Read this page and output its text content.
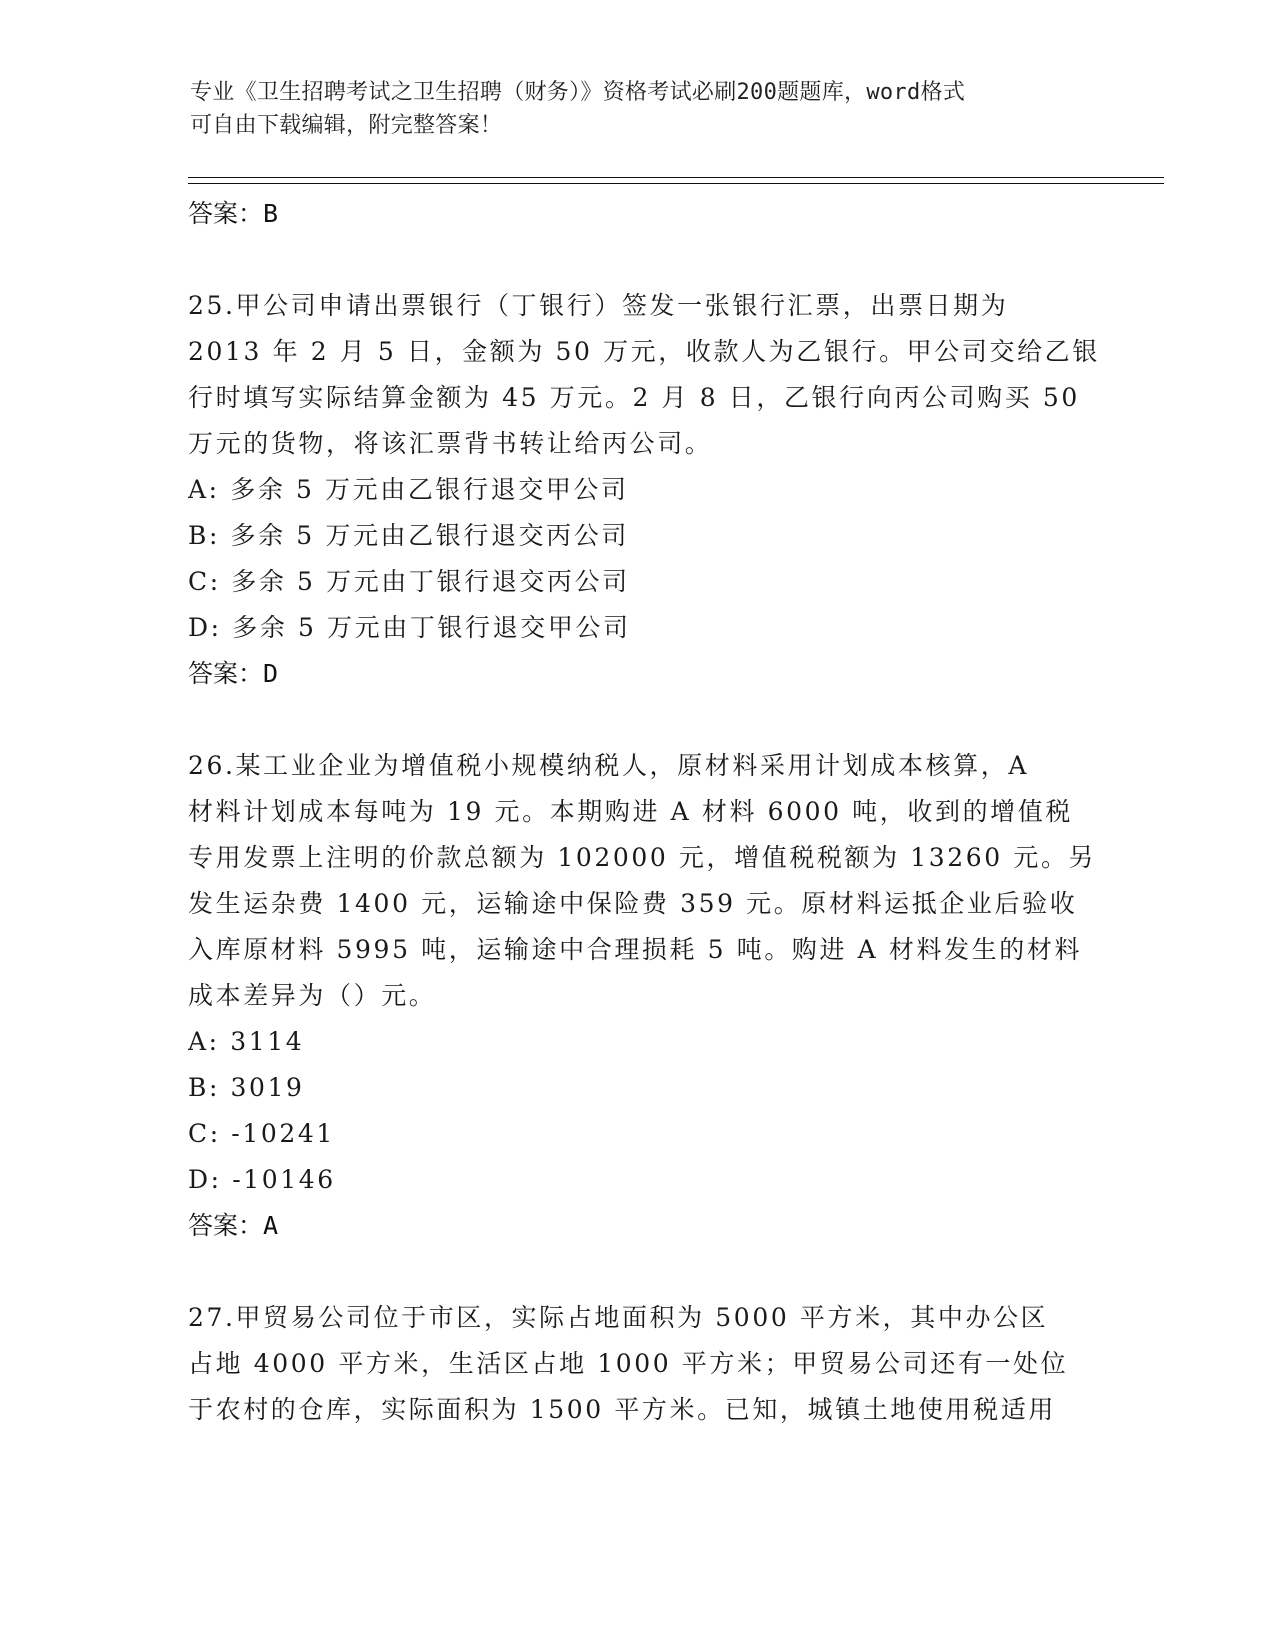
专业《卫生招聘考试之卫生招聘（财务）》资格考试必刷200题题库，word格式
可自由下载编辑，附完整答案！
答案：B
25.甲公司申请出票银行（丁银行）签发一张银行汇票，出票日期为
2013 年 2 月 5 日，金额为 50 万元，收款人为乙银行。甲公司交给乙银
行时填写实际结算金额为 45 万元。2 月 8 日，乙银行向丙公司购买 50
万元的货物，将该汇票背书转让给丙公司。
A: 多余 5 万元由乙银行退交甲公司
B: 多余 5 万元由乙银行退交丙公司
C: 多余 5 万元由丁银行退交丙公司
D: 多余 5 万元由丁银行退交甲公司
答案：D
26.某工业企业为增值税小规模纳税人，原材料采用计划成本核算，A
材料计划成本每吨为 19 元。本期购进 A 材料 6000 吨，收到的增值税
专用发票上注明的价款总额为 102000 元，增值税税额为 13260 元。另
发生运杂费 1400 元，运输途中保险费 359 元。原材料运抵企业后验收
入库原材料 5995 吨，运输途中合理损耗 5 吨。购进 A 材料发生的材料
成本差异为（）元。
A: 3114
B: 3019
C: -10241
D: -10146
答案：A
27.甲贸易公司位于市区，实际占地面积为 5000 平方米，其中办公区
占地 4000 平方米，生活区占地 1000 平方米；甲贸易公司还有一处位
于农村的仓库，实际面积为 1500 平方米。已知，城镇土地使用税适用
